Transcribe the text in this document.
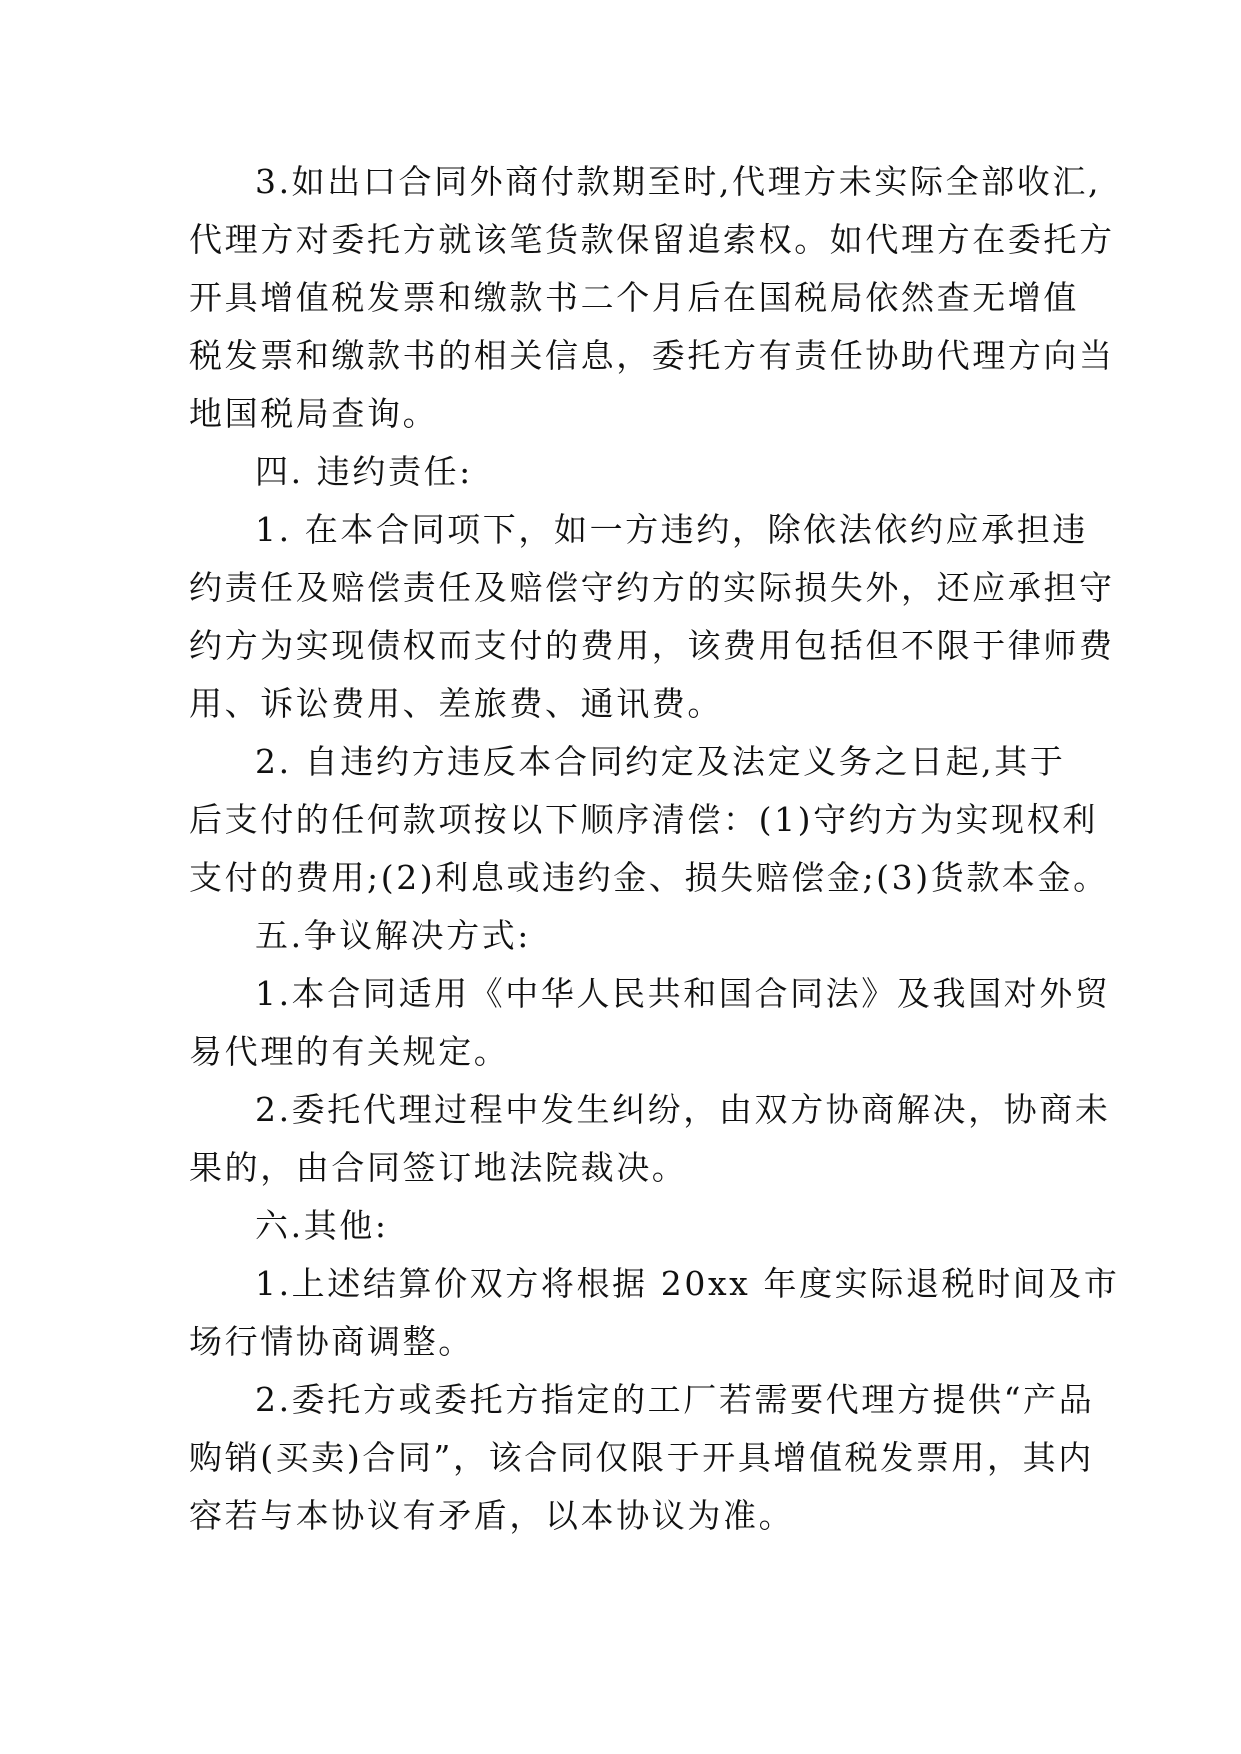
3.如出口合同外商付款期至时,代理方未实际全部收汇,
代理方对委托方就该笔货款保留追索权。如代理方在委托方
开具增值税发票和缴款书二个月后在国税局依然查无增值
税发票和缴款书的相关信息，委托方有责任协助代理方向当
地国税局查询。
四. 违约责任:
1. 在本合同项下，如一方违约，除依法依约应承担违
约责任及赔偿责任及赔偿守约方的实际损失外，还应承担守
约方为实现债权而支付的费用，该费用包括但不限于律师费
用、诉讼费用、差旅费、通讯费。
2. 自违约方违反本合同约定及法定义务之日起,其于
后支付的任何款项按以下顺序清偿：(1)守约方为实现权利
支付的费用;(2)利息或违约金、损失赔偿金;(3)货款本金。
五.争议解决方式:
1.本合同适用《中华人民共和国合同法》及我国对外贸
易代理的有关规定。
2.委托代理过程中发生纠纷，由双方协商解决，协商未
果的，由合同签订地法院裁决。
六.其他:
1.上述结算价双方将根据 20xx 年度实际退税时间及市
场行情协商调整。
2.委托方或委托方指定的工厂若需要代理方提供“产品
购销(买卖)合同”，该合同仅限于开具增值税发票用，其内
容若与本协议有矛盾，以本协议为准。
